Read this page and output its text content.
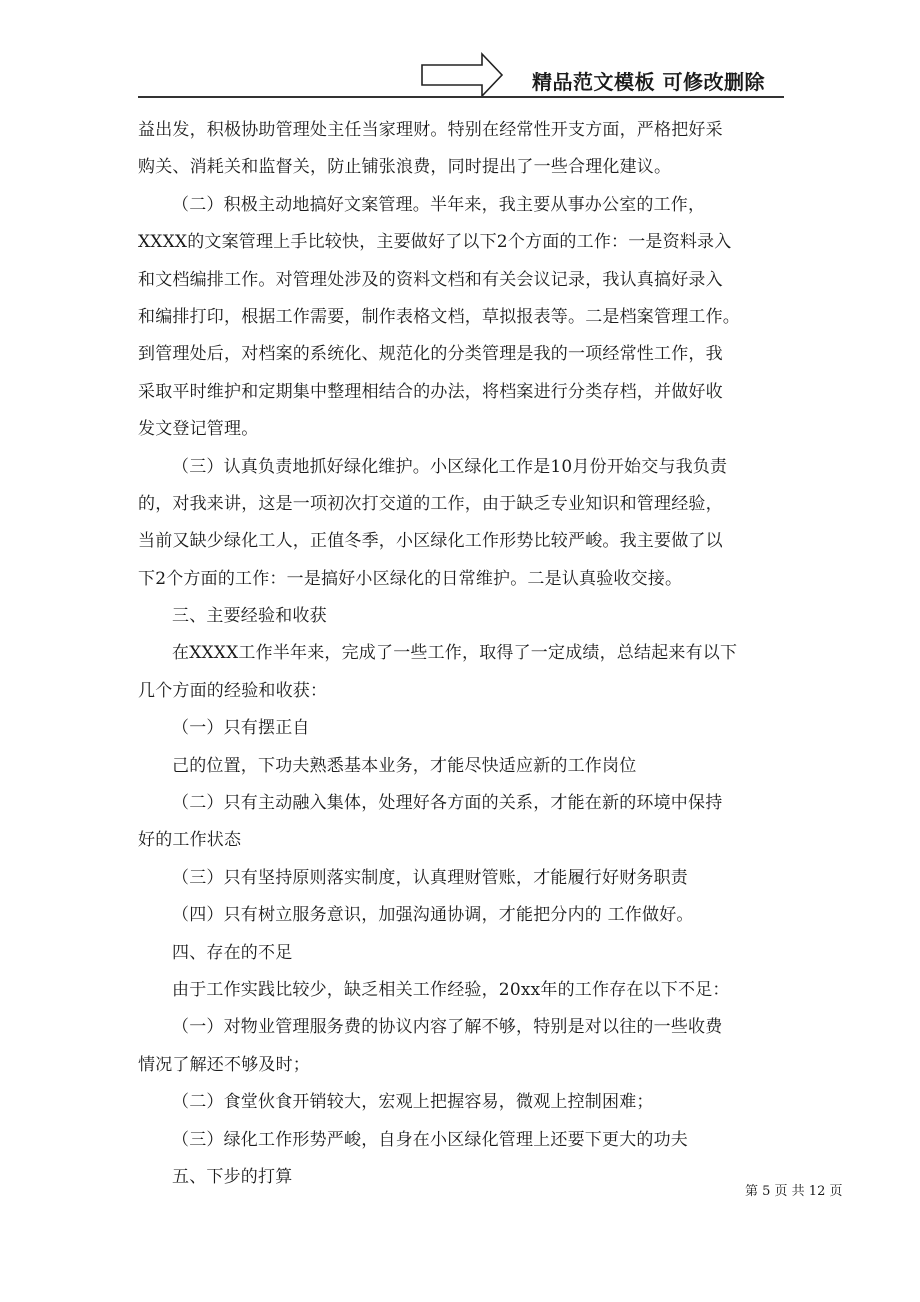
精品范文模板 可修改删除
益出发，积极协助管理处主任当家理财。特别在经常性开支方面，严格把好采
购关、消耗关和监督关，防止铺张浪费，同时提出了一些合理化建议。
（二）积极主动地搞好文案管理。半年来，我主要从事办公室的工作，
XXXX的文案管理上手比较快，主要做好了以下2个方面的工作：一是资料录入
和文档编排工作。对管理处涉及的资料文档和有关会议记录，我认真搞好录入
和编排打印，根据工作需要，制作表格文档，草拟报表等。二是档案管理工作。
到管理处后，对档案的系统化、规范化的分类管理是我的一项经常性工作，我
采取平时维护和定期集中整理相结合的办法，将档案进行分类存档，并做好收
发文登记管理。
（三）认真负责地抓好绿化维护。小区绿化工作是10月份开始交与我负责
的，对我来讲，这是一项初次打交道的工作，由于缺乏专业知识和管理经验，
当前又缺少绿化工人，正值冬季，小区绿化工作形势比较严峻。我主要做了以
下2个方面的工作：一是搞好小区绿化的日常维护。二是认真验收交接。
三、主要经验和收获
在XXXX工作半年来，完成了一些工作，取得了一定成绩，总结起来有以下
几个方面的经验和收获：
（一）只有摆正自
己的位置，下功夫熟悉基本业务，才能尽快适应新的工作岗位
（二）只有主动融入集体，处理好各方面的关系，才能在新的环境中保持
好的工作状态
（三）只有坚持原则落实制度，认真理财管账，才能履行好财务职责
（四）只有树立服务意识，加强沟通协调，才能把分内的 工作做好。
四、存在的不足
由于工作实践比较少，缺乏相关工作经验，20xx年的工作存在以下不足：
（一）对物业管理服务费的协议内容了解不够，特别是对以往的一些收费
情况了解还不够及时；
（二）食堂伙食开销较大，宏观上把握容易，微观上控制困难；
（三）绿化工作形势严峻，自身在小区绿化管理上还要下更大的功夫
五、下步的打算
第 5 页 共 12 页
